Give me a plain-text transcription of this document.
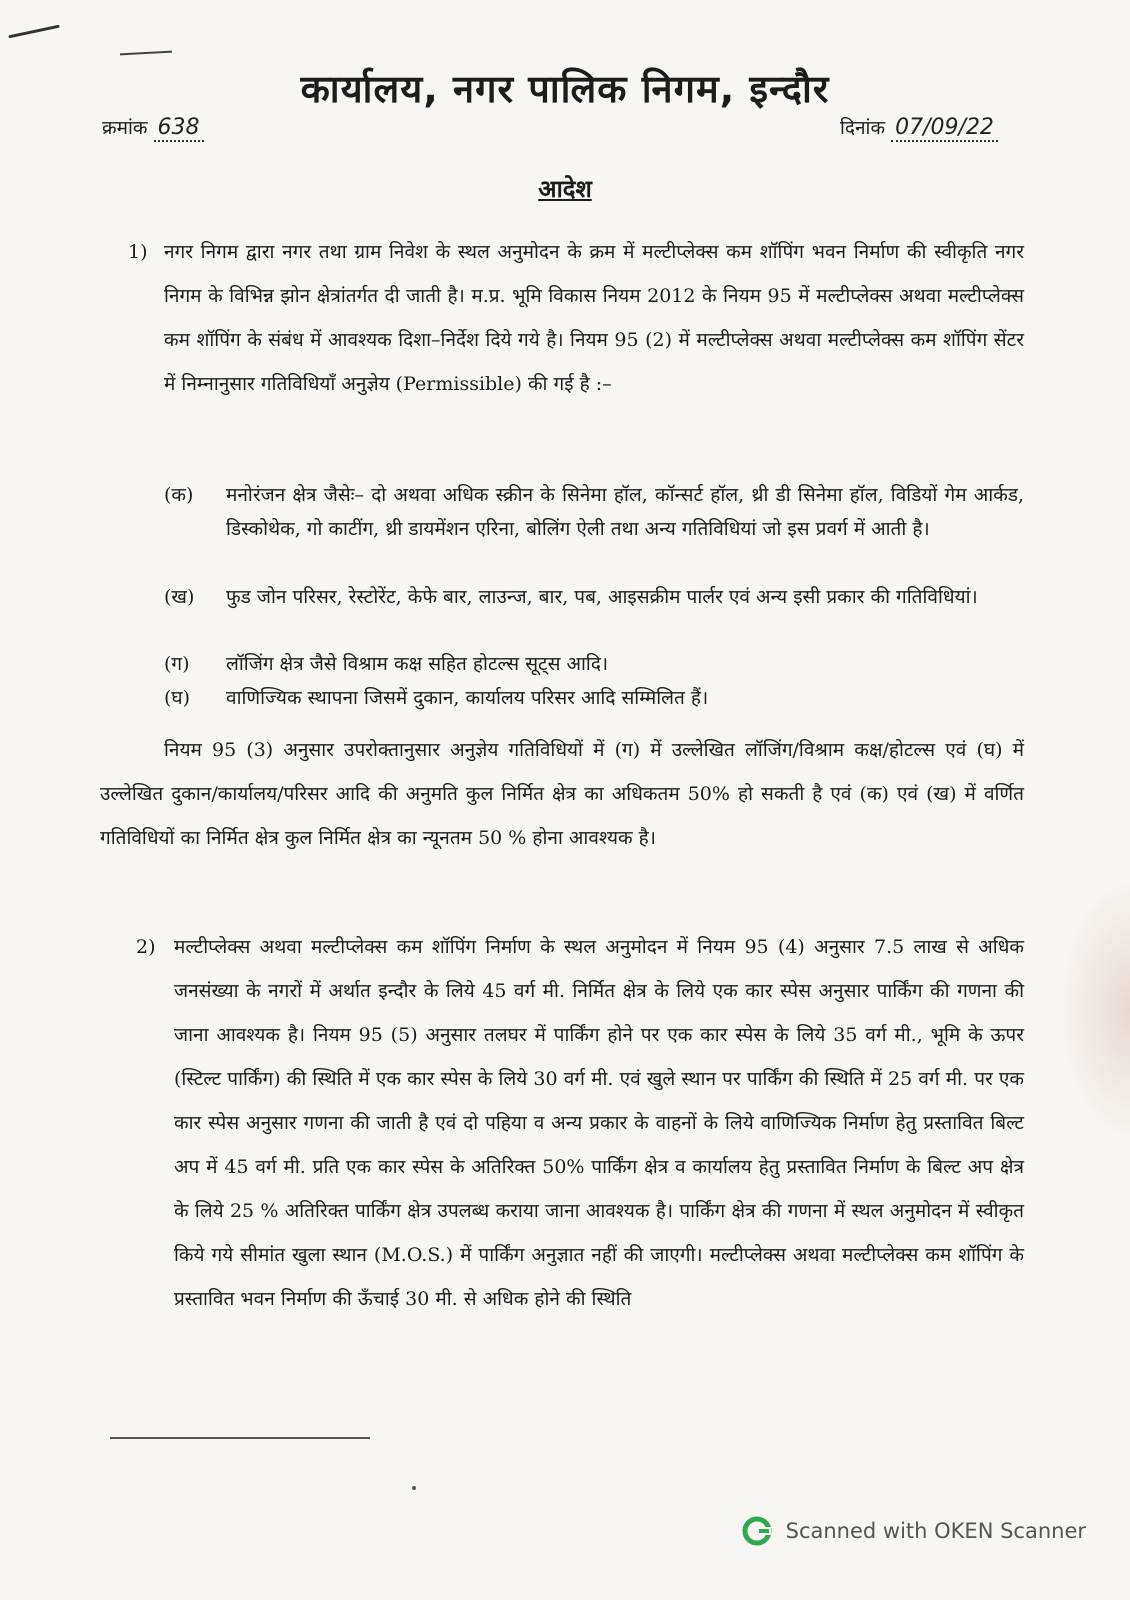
कार्यालय, नगर पालिक निगम, इन्दौर
क्रमांक 638	दिनांक 07/09/22
आदेश
1) नगर निगम द्वारा नगर तथा ग्राम निवेश के स्थल अनुमोदन के क्रम में मल्टीप्लेक्स कम शॉपिंग भवन निर्माण की स्वीकृति नगर निगम के विभिन्न झोन क्षेत्रांतर्गत दी जाती है। म.प्र. भूमि विकास नियम 2012 के नियम 95 में मल्टीप्लेक्स अथवा मल्टीप्लेक्स कम शॉपिंग के संबंध में आवश्यक दिशा–निर्देश दिये गये है। नियम 95 (2) में मल्टीप्लेक्स अथवा मल्टीप्लेक्स कम शॉपिंग सेंटर में निम्नानुसार गतिविधियाँ अनुज्ञेय (Permissible) की गई है :–
(क) मनोरंजन क्षेत्र जैसेः– दो अथवा अधिक स्क्रीन के सिनेमा हॉल, कॉन्सर्ट हॉल, थ्री डी सिनेमा हॉल, विडियों गेम आर्कड, डिस्कोथेक, गो काटींग, थ्री डायमेंशन एरिना, बोलिंग ऐली तथा अन्य गतिविधियां जो इस प्रवर्ग में आती है।
(ख) फुड जोन परिसर, रेस्टोरेंट, केफे बार, लाउन्ज, बार, पब, आइसक्रीम पार्लर एवं अन्य इसी प्रकार की गतिविधियां।
(ग) लॉजिंग क्षेत्र जैसे विश्राम कक्ष सहित होटल्स सूट्स आदि।
(घ) वाणिज्यिक स्थापना जिसमें दुकान, कार्यालय परिसर आदि सम्मिलित हैं।
नियम 95 (3) अनुसार उपरोक्तानुसार अनुज्ञेय गतिविधियों में (ग) में उल्लेखित लॉजिंग/विश्राम कक्ष/होटल्स एवं (घ) में उल्लेखित दुकान/कार्यालय/परिसर आदि की अनुमति कुल निर्मित क्षेत्र का अधिकतम 50% हो सकती है एवं (क) एवं (ख) में वर्णित गतिविधियों का निर्मित क्षेत्र कुल निर्मित क्षेत्र का न्यूनतम 50 % होना आवश्यक है।
2) मल्टीप्लेक्स अथवा मल्टीप्लेक्स कम शॉपिंग निर्माण के स्थल अनुमोदन में नियम 95 (4) अनुसार 7.5 लाख से अधिक जनसंख्या के नगरों में अर्थात इन्दौर के लिये 45 वर्ग मी. निर्मित क्षेत्र के लिये एक कार स्पेस अनुसार पार्किंग की गणना की जाना आवश्यक है। नियम 95 (5) अनुसार तलघर में पार्किंग होने पर एक कार स्पेस के लिये 35 वर्ग मी., भूमि के ऊपर (स्टिल्ट पार्किंग) की स्थिति में एक कार स्पेस के लिये 30 वर्ग मी. एवं खुले स्थान पर पार्किंग की स्थिति में 25 वर्ग मी. पर एक कार स्पेस अनुसार गणना की जाती है एवं दो पहिया व अन्य प्रकार के वाहनों के लिये वाणिज्यिक निर्माण हेतु प्रस्तावित बिल्ट अप में 45 वर्ग मी. प्रति एक कार स्पेस के अतिरिक्त 50% पार्किंग क्षेत्र व कार्यालय हेतु प्रस्तावित निर्माण के बिल्ट अप क्षेत्र के लिये 25 % अतिरिक्त पार्किंग क्षेत्र उपलब्ध कराया जाना आवश्यक है। पार्किंग क्षेत्र की गणना में स्थल अनुमोदन में स्वीकृत किये गये सीमांत खुला स्थान (M.O.S.) में पार्किंग अनुज्ञात नहीं की जाएगी। मल्टीप्लेक्स अथवा मल्टीप्लेक्स कम शॉपिंग के प्रस्तावित भवन निर्माण की ऊँचाई 30 मी. से अधिक होने की स्थिति
Scanned with OKEN Scanner
